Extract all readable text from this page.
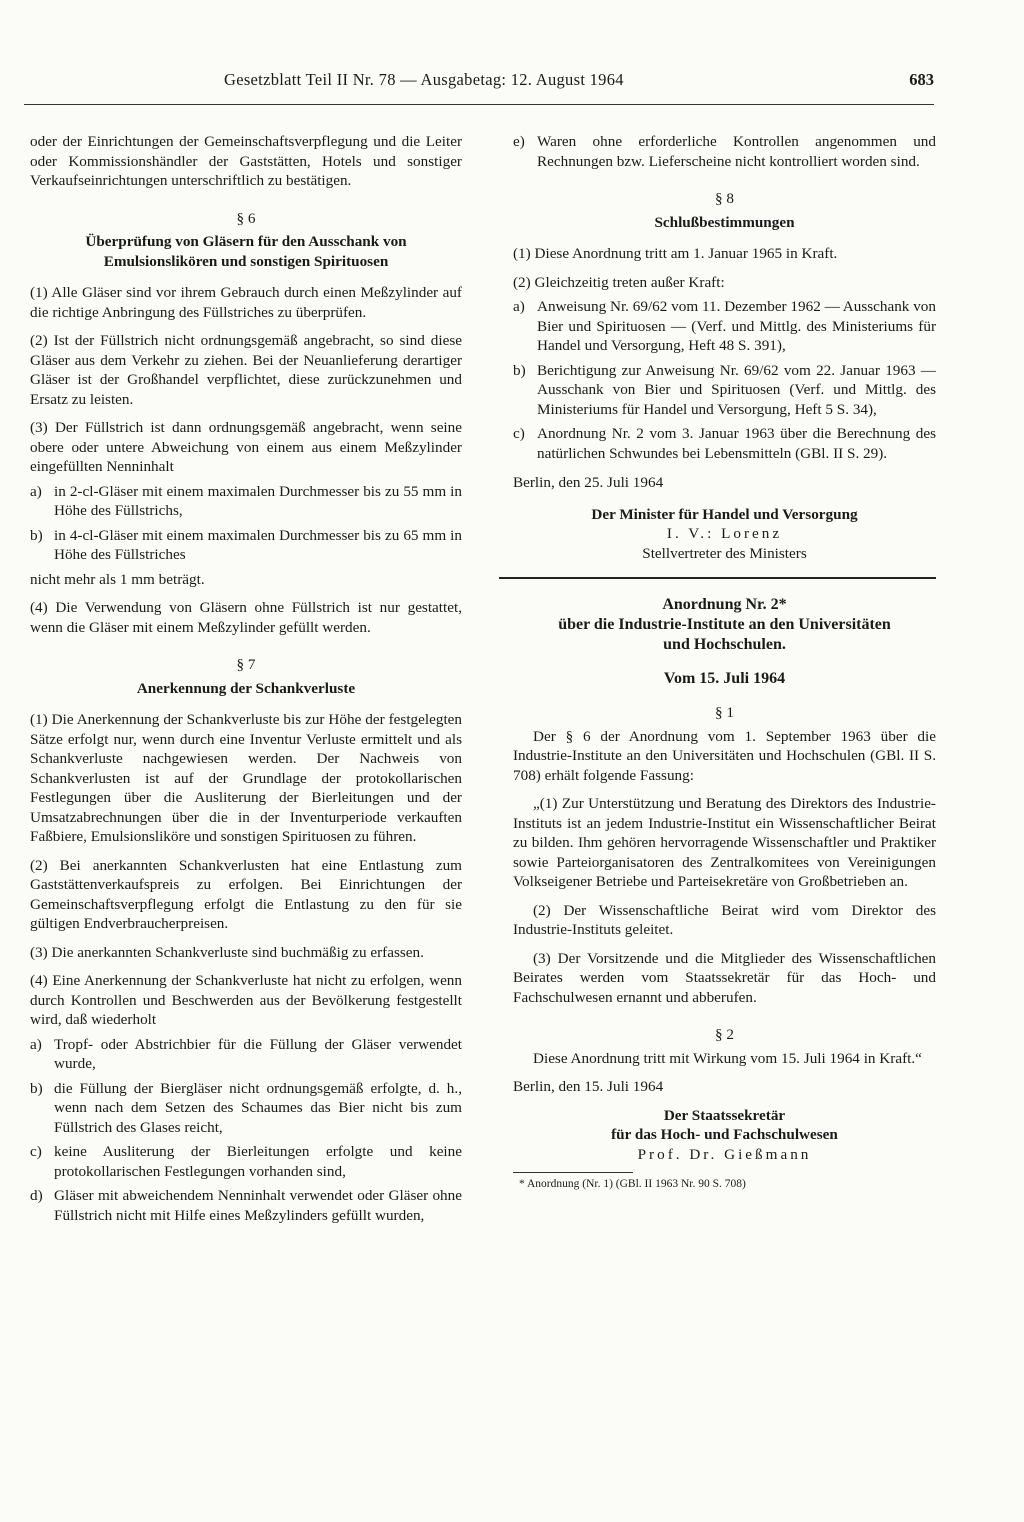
Gesetzblatt Teil II Nr. 78 — Ausgabetag: 12. August 1964	683

oder der Einrichtungen der Gemeinschaftsverpflegung und die Leiter oder Kommissionshändler der Gaststätten, Hotels und sonstiger Verkaufseinrichtungen unterschriftlich zu bestätigen.

§ 6
Überprüfung von Gläsern für den Ausschank von Emulsionslikören und sonstigen Spirituosen

(1) Alle Gläser sind vor ihrem Gebrauch durch einen Meßzylinder auf die richtige Anbringung des Füllstriches zu überprüfen.

(2) Ist der Füllstrich nicht ordnungsgemäß angebracht, so sind diese Gläser aus dem Verkehr zu ziehen. Bei der Neuanlieferung derartiger Gläser ist der Großhandel verpflichtet, diese zurückzunehmen und Ersatz zu leisten.

(3) Der Füllstrich ist dann ordnungsgemäß angebracht, wenn seine obere oder untere Abweichung von einem aus einem Meßzylinder eingefüllten Nenninhalt

a) in 2-cl-Gläser mit einem maximalen Durchmesser bis zu 55 mm in Höhe des Füllstrichs,
b) in 4-cl-Gläser mit einem maximalen Durchmesser bis zu 65 mm in Höhe des Füllstriches

nicht mehr als 1 mm beträgt.

(4) Die Verwendung von Gläsern ohne Füllstrich ist nur gestattet, wenn die Gläser mit einem Meßzylinder gefüllt werden.

§ 7
Anerkennung der Schankverluste

(1) Die Anerkennung der Schankverluste bis zur Höhe der festgelegten Sätze erfolgt nur, wenn durch eine Inventur Verluste ermittelt und als Schankverluste nachgewiesen werden. Der Nachweis von Schankverlusten ist auf der Grundlage der protokollarischen Festlegungen über die Ausliterung der Bierleitungen und der Umsatzabrechnungen über die in der Inventurperiode verkauften Faßbiere, Emulsionsliköre und sonstigen Spirituosen zu führen.

(2) Bei anerkannten Schankverlusten hat eine Entlastung zum Gaststättenverkaufspreis zu erfolgen. Bei Einrichtungen der Gemeinschaftsverpflegung erfolgt die Entlastung zu den für sie gültigen Endverbraucherpreisen.

(3) Die anerkannten Schankverluste sind buchmäßig zu erfassen.

(4) Eine Anerkennung der Schankverluste hat nicht zu erfolgen, wenn durch Kontrollen und Beschwerden aus der Bevölkerung festgestellt wird, daß wiederholt

a) Tropf- oder Abstrichbier für die Füllung der Gläser verwendet wurde,
b) die Füllung der Biergläser nicht ordnungsgemäß erfolgte, d. h., wenn nach dem Setzen des Schaumes das Bier nicht bis zum Füllstrich des Glases reicht,
c) keine Ausliterung der Bierleitungen erfolgte und keine protokollarischen Festlegungen vorhanden sind,
d) Gläser mit abweichendem Nenninhalt verwendet oder Gläser ohne Füllstrich nicht mit Hilfe eines Meßzylinders gefüllt wurden,
e) Waren ohne erforderliche Kontrollen angenommen und Rechnungen bzw. Lieferscheine nicht kontrolliert worden sind.
§ 8
Schlußbestimmungen

(1) Diese Anordnung tritt am 1. Januar 1965 in Kraft.

(2) Gleichzeitig treten außer Kraft:

a) Anweisung Nr. 69/62 vom 11. Dezember 1962 — Ausschank von Bier und Spirituosen — (Verf. und Mittlg. des Ministeriums für Handel und Versorgung, Heft 48 S. 391),
b) Berichtigung zur Anweisung Nr. 69/62 vom 22. Januar 1963 — Ausschank von Bier und Spirituosen (Verf. und Mittlg. des Ministeriums für Handel und Versorgung, Heft 5 S. 34),
c) Anordnung Nr. 2 vom 3. Januar 1963 über die Berechnung des natürlichen Schwundes bei Lebensmitteln (GBl. II S. 29).

Berlin, den 25. Juli 1964

Der Minister für Handel und Versorgung
I. V.: Lorenz
Stellvertreter des Ministers
Anordnung Nr. 2*
über die Industrie-Institute an den Universitäten
und Hochschulen.
Vom 15. Juli 1964
§ 1

Der § 6 der Anordnung vom 1. September 1963 über die Industrie-Institute an den Universitäten und Hochschulen (GBl. II S. 708) erhält folgende Fassung:

„(1) Zur Unterstützung und Beratung des Direktors des Industrie-Instituts ist an jedem Industrie-Institut ein Wissenschaftlicher Beirat zu bilden. Ihm gehören hervorragende Wissenschaftler und Praktiker sowie Parteiorganisatoren des Zentralkomitees von Vereinigungen Volkseigener Betriebe und Parteisekretäre von Großbetrieben an.

(2) Der Wissenschaftliche Beirat wird vom Direktor des Industrie-Instituts geleitet.

(3) Der Vorsitzende und die Mitglieder des Wissenschaftlichen Beirates werden vom Staatssekretär für das Hoch- und Fachschulwesen ernannt und abberufen.

§ 2

Diese Anordnung tritt mit Wirkung vom 15. Juli 1964 in Kraft.“

Berlin, den 15. Juli 1964

Der Staatssekretär
für das Hoch- und Fachschulwesen
Prof. Dr. Gießmann
* Anordnung (Nr. 1) (GBl. II 1963 Nr. 90 S. 708)
